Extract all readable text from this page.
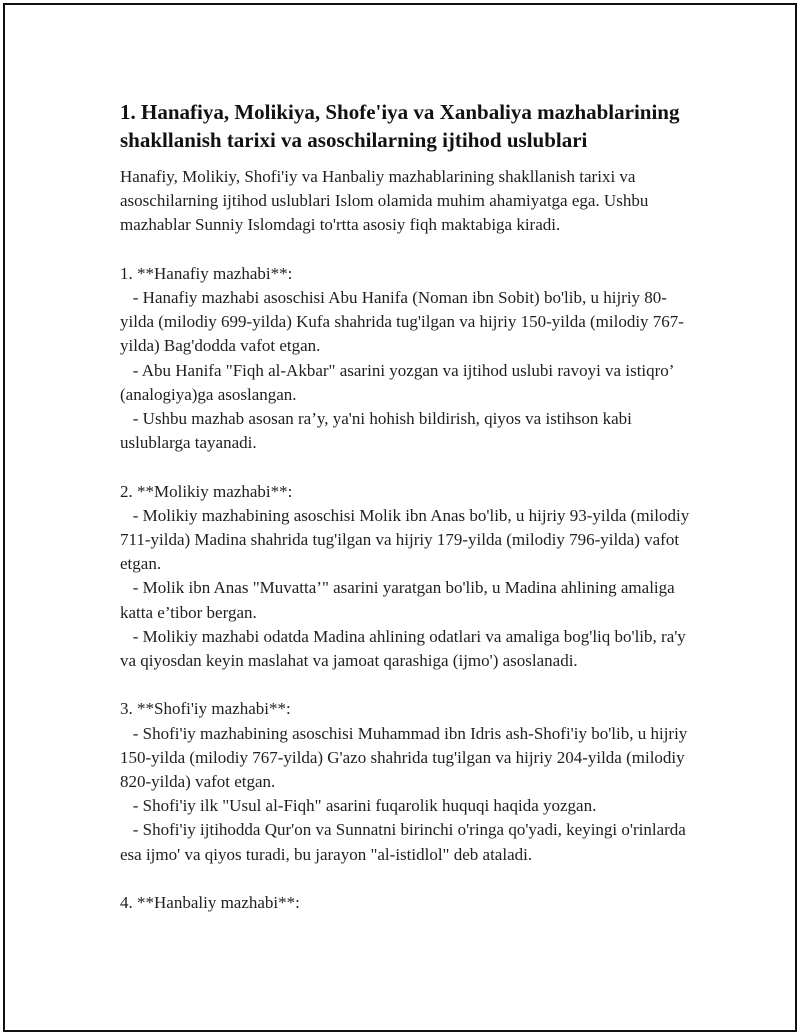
1. Hanafiya, Molikiya, Shofe'iya va Xanbaliya mazhablarining shakllanish tarixi va asoschilarning ijtihod uslublari

Hanafiy, Molikiy, Shofi'iy va Hanbaliy mazhablarining shakllanish tarixi va asoschilarning ijtihod uslublari Islom olamida muhim ahamiyatga ega. Ushbu mazhablar Sunniy Islomdagi to'rtta asosiy fiqh maktabiga kiradi.

1. **Hanafiy mazhabi**:
- Hanafiy mazhabi asoschisi Abu Hanifa (Noman ibn Sobit) bo'lib, u hijriy 80-yilda (milodiy 699-yilda) Kufa shahrida tug'ilgan va hijriy 150-yilda (milodiy 767-yilda) Bag'dodda vafot etgan.
- Abu Hanifa "Fiqh al-Akbar" asarini yozgan va ijtihod uslubi ravoyi va istiqro’ (analogiya)ga asoslangan.
- Ushbu mazhab asosan ra’y, ya'ni hohish bildirish, qiyos va istihson kabi uslublarga tayanadi.
2. **Molikiy mazhabi**:
- Molikiy mazhabining asoschisi Molik ibn Anas bo'lib, u hijriy 93-yilda (milodiy 711-yilda) Madina shahrida tug'ilgan va hijriy 179-yilda (milodiy 796-yilda) vafot etgan.
- Molik ibn Anas "Muvatta’" asarini yaratgan bo'lib, u Madina ahlining amaliga katta e’tibor bergan.
- Molikiy mazhabi odatda Madina ahlining odatlari va amaliga bog'liq bo'lib, ra'y va qiyosdan keyin maslahat va jamoat qarashiga (ijmo') asoslanadi.
3. **Shofi'iy mazhabi**:
- Shofi'iy mazhabining asoschisi Muhammad ibn Idris ash-Shofi'iy bo'lib, u hijriy 150-yilda (milodiy 767-yilda) G'azo shahrida tug'ilgan va hijriy 204-yilda (milodiy 820-yilda) vafot etgan.
- Shofi'iy ilk "Usul al-Fiqh" asarini fuqarolik huquqi haqida yozgan.
- Shofi'iy ijtihodda Qur'on va Sunnatni birinchi o'ringa qo'yadi, keyingi o'rinlarda esa ijmo' va qiyos turadi, bu jarayon "al-istidlol" deb ataladi.
4. **Hanbaliy mazhabi**:
